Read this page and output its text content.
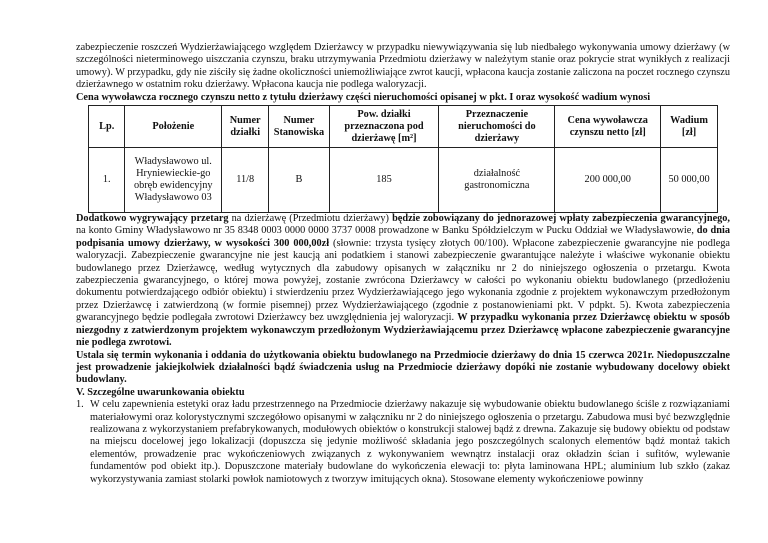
zabezpieczenie roszczeń Wydzierżawiającego względem Dzierżawcy w przypadku niewywiązywania się lub niedbałego wykonywania umowy dzierżawy (w szczególności nieterminowego uiszczania czynszu, braku utrzymywania Przedmiotu dzierżawy w należytym stanie oraz pokrycie strat wynikłych z realizacji umowy). W przypadku, gdy nie ziściły się żadne okoliczności uniemożliwiające zwrot kaucji, wpłacona kaucja zostanie zaliczona na poczet rocznego czynszu dzierżawnego w ostatnim roku dzierżawy. Wpłacona kaucja nie podlega waloryzacji.

Cena wywoławcza rocznego czynszu netto z tytułu dzierżawy części nieruchomości opisanej w pkt. I oraz wysokość wadium wynosi

Lp.	Położenie	Numer działki	Numer Stanowiska	Pow. działki przeznaczona pod dzierżawę [m²]	Przeznaczenie nieruchomości do dzierżawy	Cena wywoławcza czynszu netto [zł]	Wadium [zł]
1.	Władysławowo ul. Hryniewieckie-go obręb ewidencyjny Władysławowo 03	11/8	B	185	działalność gastronomiczna	200 000,00	50 000,00

Dodatkowo wygrywający przetarg na dzierżawę (Przedmiotu dzierżawy) będzie zobowiązany do jednorazowej wpłaty zabezpieczenia gwarancyjnego, na konto Gminy Władysławowo nr 35 8348 0003 0000 0000 3737 0008 prowadzone w Banku Spółdzielczym w Pucku Oddział we Władysławowie, do dnia podpisania umowy dzierżawy, w wysokości 300 000,00zł (słownie: trzysta tysięcy złotych 00/100). Wpłacone zabezpieczenie gwarancyjne nie podlega waloryzacji. Zabezpieczenie gwarancyjne nie jest kaucją ani podatkiem i stanowi zabezpieczenie gwarantujące należyte i właściwe wykonanie obiektu budowlanego przez Dzierżawcę, według wytycznych dla zabudowy opisanych w załączniku nr 2 do niniejszego ogłoszenia o przetargu. Kwota zabezpieczenia gwarancyjnego, o której mowa powyżej, zostanie zwrócona Dzierżawcy w całości po wykonaniu obiektu budowlanego (przedłożeniu dokumentu potwierdzającego odbiór obiektu) i stwierdzeniu przez Wydzierżawiającego jego wykonania zgodnie z projektem wykonawczym przedłożonym przez Dzierżawcę i zatwierdzoną (w formie pisemnej) przez Wydzierżawiającego (zgodnie z postanowieniami pkt. V pdpkt. 5). Kwota zabezpieczenia gwarancyjnego będzie podlegała zwrotowi Dzierżawcy bez uwzględnienia jej waloryzacji. W przypadku wykonania przez Dzierżawcę obiektu w sposób niezgodny z zatwierdzonym projektem wykonawczym przedłożonym Wydzierżawiającemu przez Dzierżawcę wpłacone zabezpieczenie gwarancyjne nie podlega zwrotowi.

Ustala się termin wykonania i oddania do użytkowania obiektu budowlanego na Przedmiocie dzierżawy do dnia 15 czerwca 2021r. Niedopuszczalne jest prowadzenie jakiejkolwiek działalności bądź świadczenia usług na Przedmiocie dzierżawy dopóki nie zostanie wybudowany docelowy obiekt budowlany.

V. Szczególne uwarunkowania obiektu

1. W celu zapewnienia estetyki oraz ładu przestrzennego na Przedmiocie dzierżawy nakazuje się wybudowanie obiektu budowlanego ściśle z rozwiązaniami materiałowymi oraz kolorystycznymi szczegółowo opisanymi w załączniku nr 2 do niniejszego ogłoszenia o przetargu. Zabudowa musi być bezwzględnie realizowana z wykorzystaniem prefabrykowanych, modułowych obiektów o konstrukcji stalowej bądź z drewna. Zakazuje się budowy obiektu od podstaw na miejscu docelowej jego lokalizacji (dopuszcza się jedynie możliwość składania jego poszczególnych scalonych elementów bądź montaż takich elementów, prowadzenie prac wykończeniowych związanych z wykonywaniem wewnątrz instalacji oraz okładzin ścian i sufitów, wylewanie fundamentów pod obiekt itp.). Dopuszczone materiały budowlane do wykończenia elewacji to: płyta laminowana HPL; aluminium lub szkło (zakaz wykorzystywania zamiast stolarki powłok namiotowych z tworzyw imitujących okna). Stosowane elementy wykończeniowe powinny
